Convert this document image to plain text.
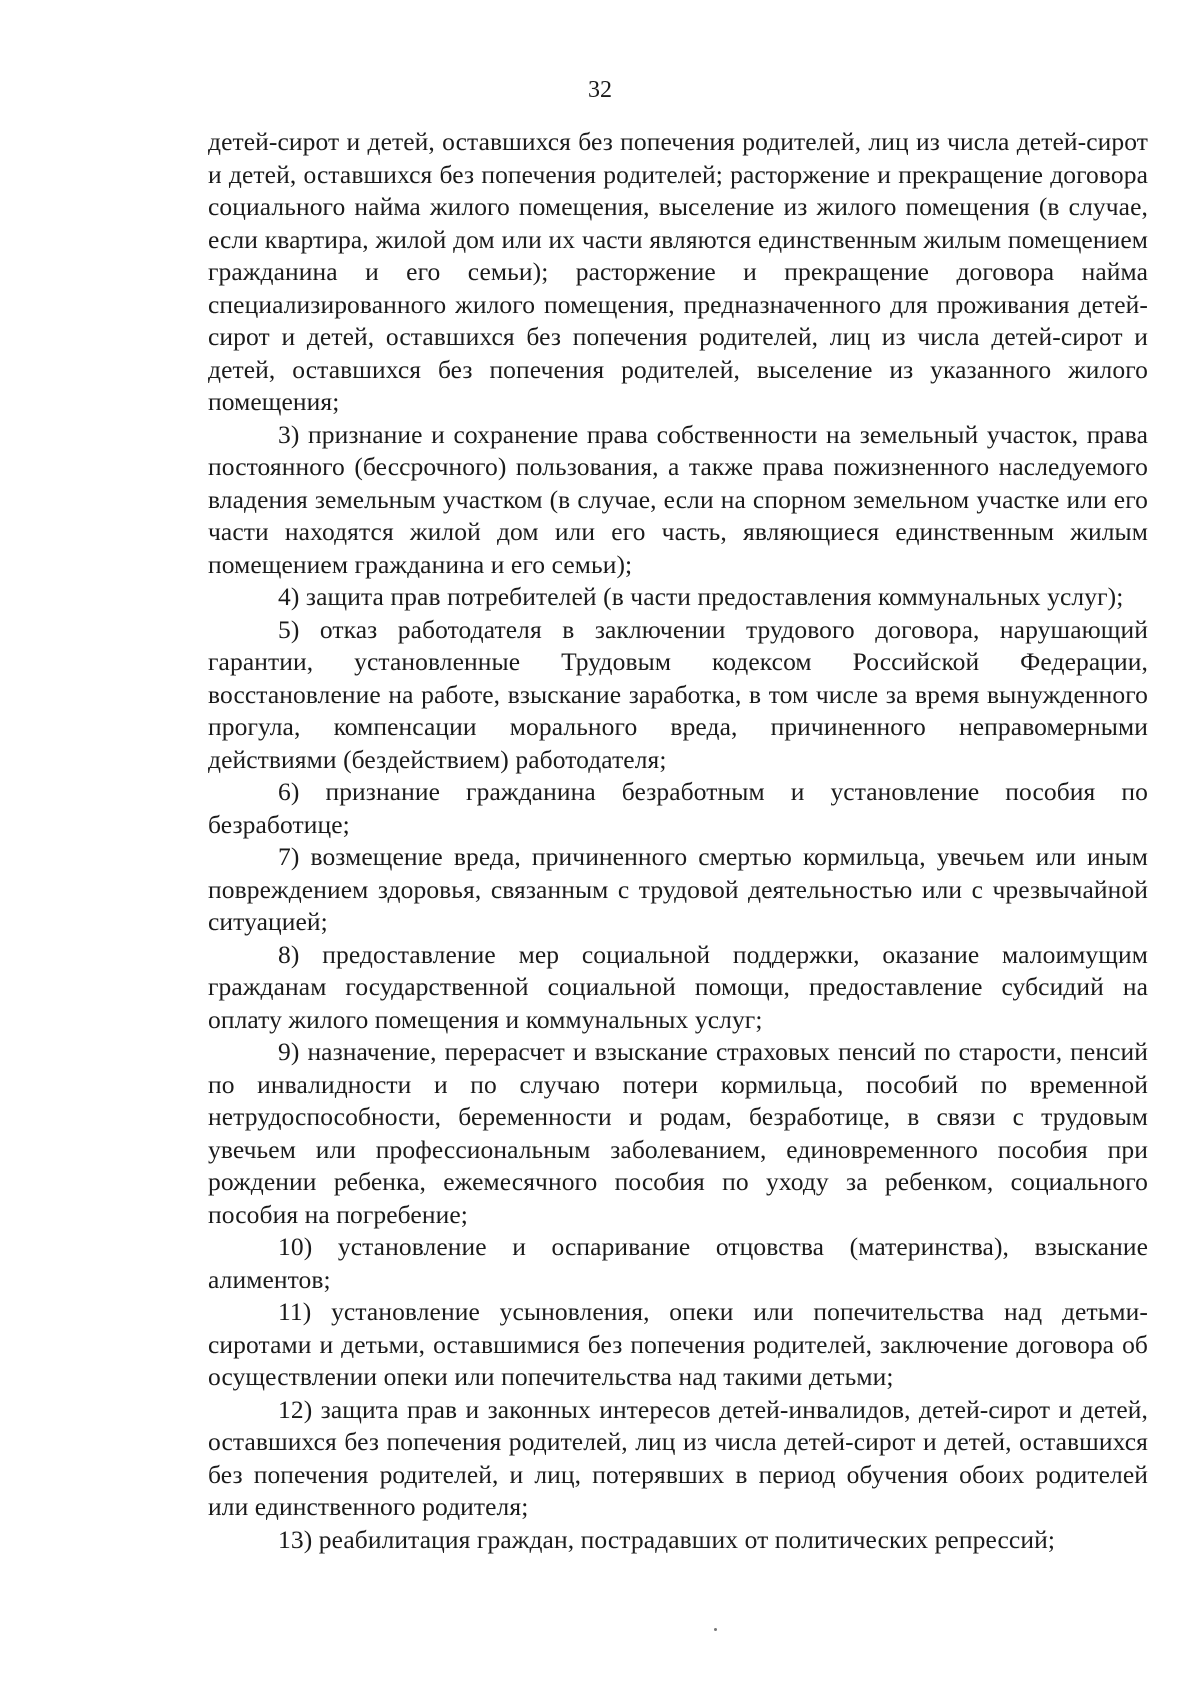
32

детей-сирот и детей, оставшихся без попечения родителей, лиц из числа детей-сирот и детей, оставшихся без попечения родителей; расторжение и прекращение договора социального найма жилого помещения, выселение из жилого помещения (в случае, если квартира, жилой дом или их части являются единственным жилым помещением гражданина и его семьи); расторжение и прекращение договора найма специализированного жилого помещения, предназначенного для проживания детей-сирот и детей, оставшихся без попечения родителей, лиц из числа детей-сирот и детей, оставшихся без попечения родителей, выселение из указанного жилого помещения;

3) признание и сохранение права собственности на земельный участок, права постоянного (бессрочного) пользования, а также права пожизненного наследуемого владения земельным участком (в случае, если на спорном земельном участке или его части находятся жилой дом или его часть, являющиеся единственным жилым помещением гражданина и его семьи);

4) защита прав потребителей (в части предоставления коммунальных услуг);

5) отказ работодателя в заключении трудового договора, нарушающий гарантии, установленные Трудовым кодексом Российской Федерации, восстановление на работе, взыскание заработка, в том числе за время вынужденного прогула, компенсации морального вреда, причиненного неправомерными действиями (бездействием) работодателя;

6) признание гражданина безработным и установление пособия по безработице;

7) возмещение вреда, причиненного смертью кормильца, увечьем или иным повреждением здоровья, связанным с трудовой деятельностью или с чрезвычайной ситуацией;

8) предоставление мер социальной поддержки, оказание малоимущим гражданам государственной социальной помощи, предоставление субсидий на оплату жилого помещения и коммунальных услуг;

9) назначение, перерасчет и взыскание страховых пенсий по старости, пенсий по инвалидности и по случаю потери кормильца, пособий по временной нетрудоспособности, беременности и родам, безработице, в связи с трудовым увечьем или профессиональным заболеванием, единовременного пособия при рождении ребенка, ежемесячного пособия по уходу за ребенком, социального пособия на погребение;

10) установление и оспаривание отцовства (материнства), взыскание алиментов;

11) установление усыновления, опеки или попечительства над детьми-сиротами и детьми, оставшимися без попечения родителей, заключение договора об осуществлении опеки или попечительства над такими детьми;

12) защита прав и законных интересов детей-инвалидов, детей-сирот и детей, оставшихся без попечения родителей, лиц из числа детей-сирот и детей, оставшихся без попечения родителей, и лиц, потерявших в период обучения обоих родителей или единственного родителя;

13) реабилитация граждан, пострадавших от политических репрессий;
